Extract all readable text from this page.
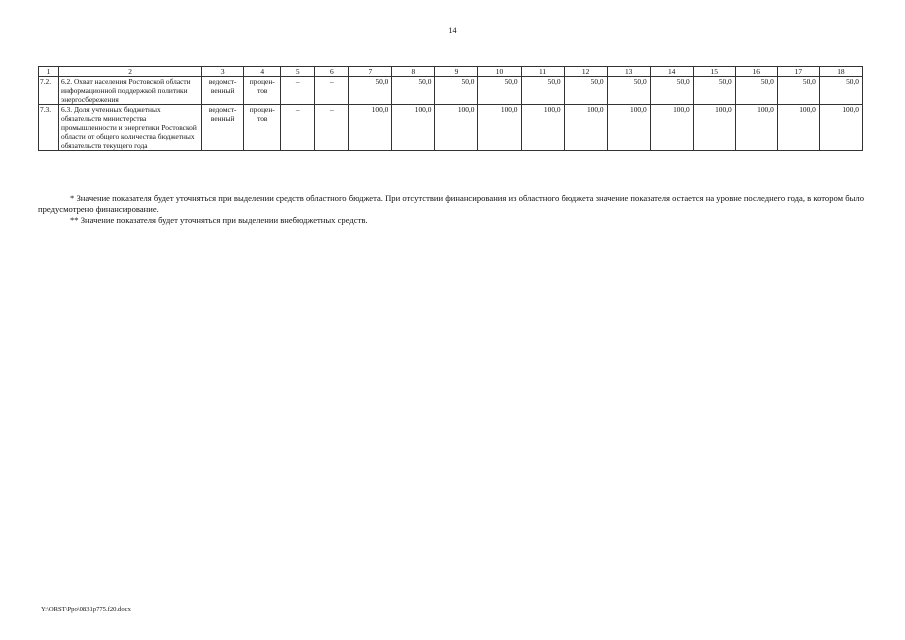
14
1	2	3	4	5	6	7	8	9	10	11	12	13	14	15	16	17	18
7.2.	6.2. Охват населения Ростовской области информационной поддержкой политики энергосбережения	ведомст-венный	процен-тов	–	–	50,0	50,0	50,0	50,0	50,0	50,0	50,0	50,0	50,0	50,0	50,0	50,0
7.3.	6.3. Доля учтенных бюджетных обязательств министерства промышленности и энергетики Ростовской области от общего количества бюджетных обязательств текущего года	ведомст-венный	процен-тов	–	–	100,0	100,0	100,0	100,0	100,0	100,0	100,0	100,0	100,0	100,0	100,0	100,0

* Значение показателя будет уточняться при выделении средств областного бюджета. При отсутствии финансирования из областного бюджета значение показателя остается на уровне последнего года, в котором было предусмотрено финансирование.

** Значение показателя будет уточняться при выделении внебюджетных средств.

Y:\ORST\Ppo\0831p775.f20.docx
